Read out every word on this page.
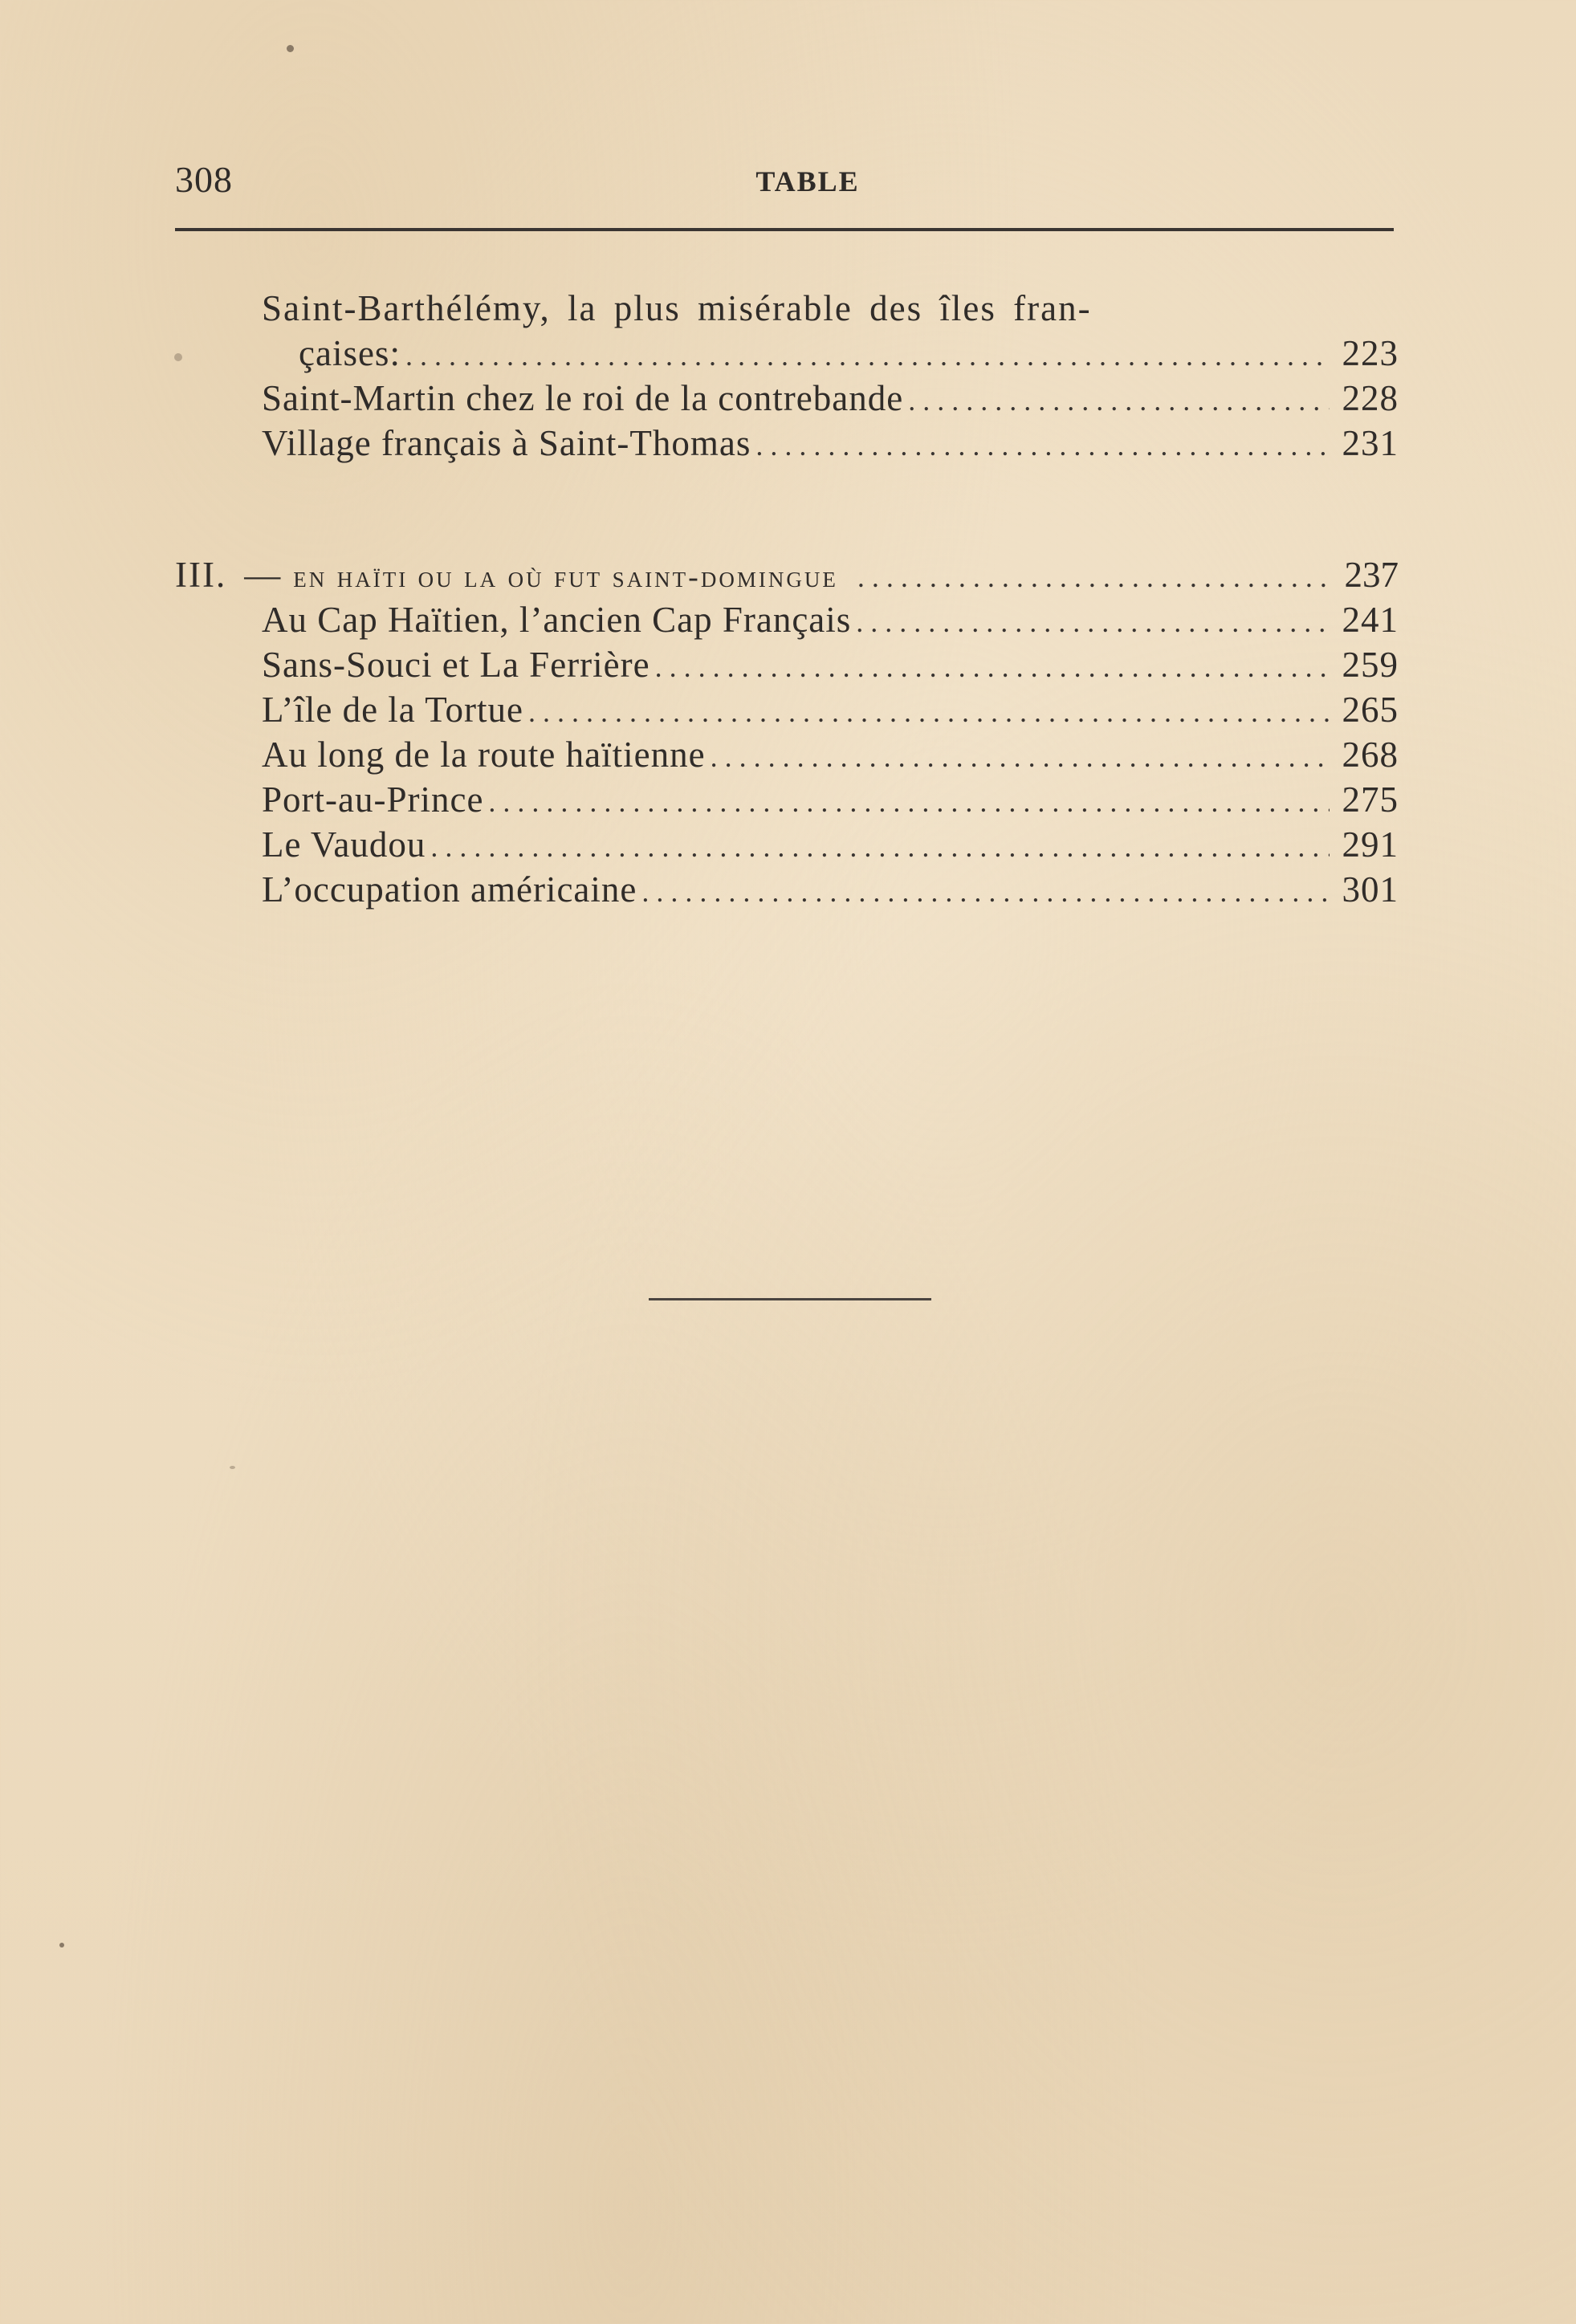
308	TABLE
Saint-Barthélémy, la plus misérable des îles fran-
çaises: . . .	223
Saint-Martin chez le roi de la contrebande . . .	228
Village français à Saint-Thomas . . .	231
III. — en haïti ou la où fut saint-domingue . . .	237
Au Cap Haïtien, l’ancien Cap Français . . .	241
Sans-Souci et La Ferrière . . .	259
L’île de la Tortue . . .	265
Au long de la route haïtienne . . .	268
Port-au-Prince . . .	275
Le Vaudou . . .	291
L’occupation américaine . . .	301
